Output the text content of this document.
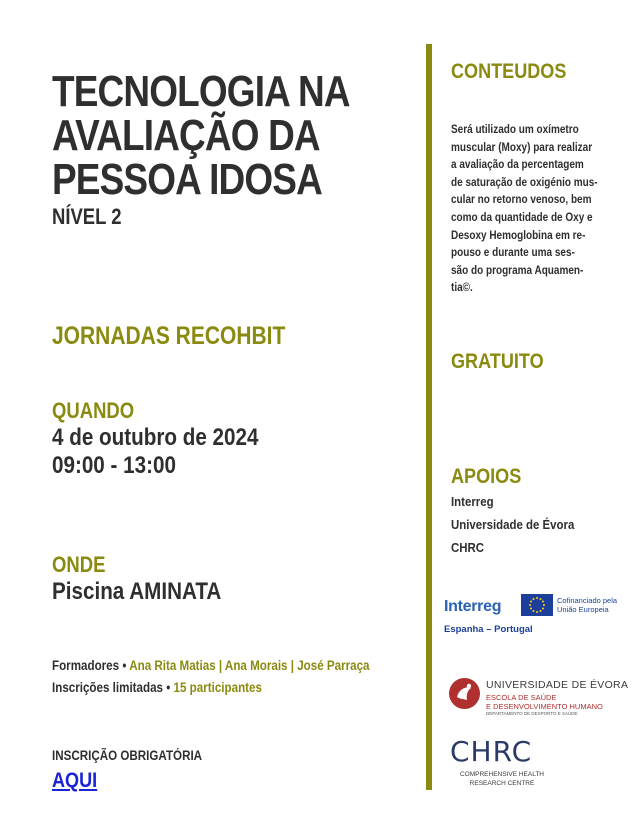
TECNOLOGIA NA
AVALIAÇÃO DA
PESSOA IDOSA
NÍVEL 2
JORNADAS RECOHBIT
QUANDO
4 de outubro de 2024
09:00 - 13:00
ONDE
Piscina AMINATA
Formadores • Ana Rita Matias | Ana Morais | José Parraça
Inscrições limitadas • 15 participantes
INSCRIÇÃO OBRIGATÓRIA
AQUI
CONTEUDOS
Será utilizado um oxímetro
muscular (Moxy) para realizar
a avaliação da percentagem
de saturação de oxigénio mus-
cular no retorno venoso, bem
como da quantidade de Oxy e
Desoxy Hemoglobina em re-
pouso e durante uma ses-
são do programa Aquamen-
tia©.
GRATUITO
APOIOS
Interreg
Universidade de Évora
CHRC
Interreg	Cofinanciado pela
União Europeia
Espanha – Portugal
UNIVERSIDADE DE ÉVORA
ESCOLA DE SAÚDE
E DESENVOLVIMENTO HUMANO
DEPARTAMENTO DE DESPORTO E SAÚDE
CHRC
COMPREHENSIVE HEALTH
RESEARCH CENTRE
